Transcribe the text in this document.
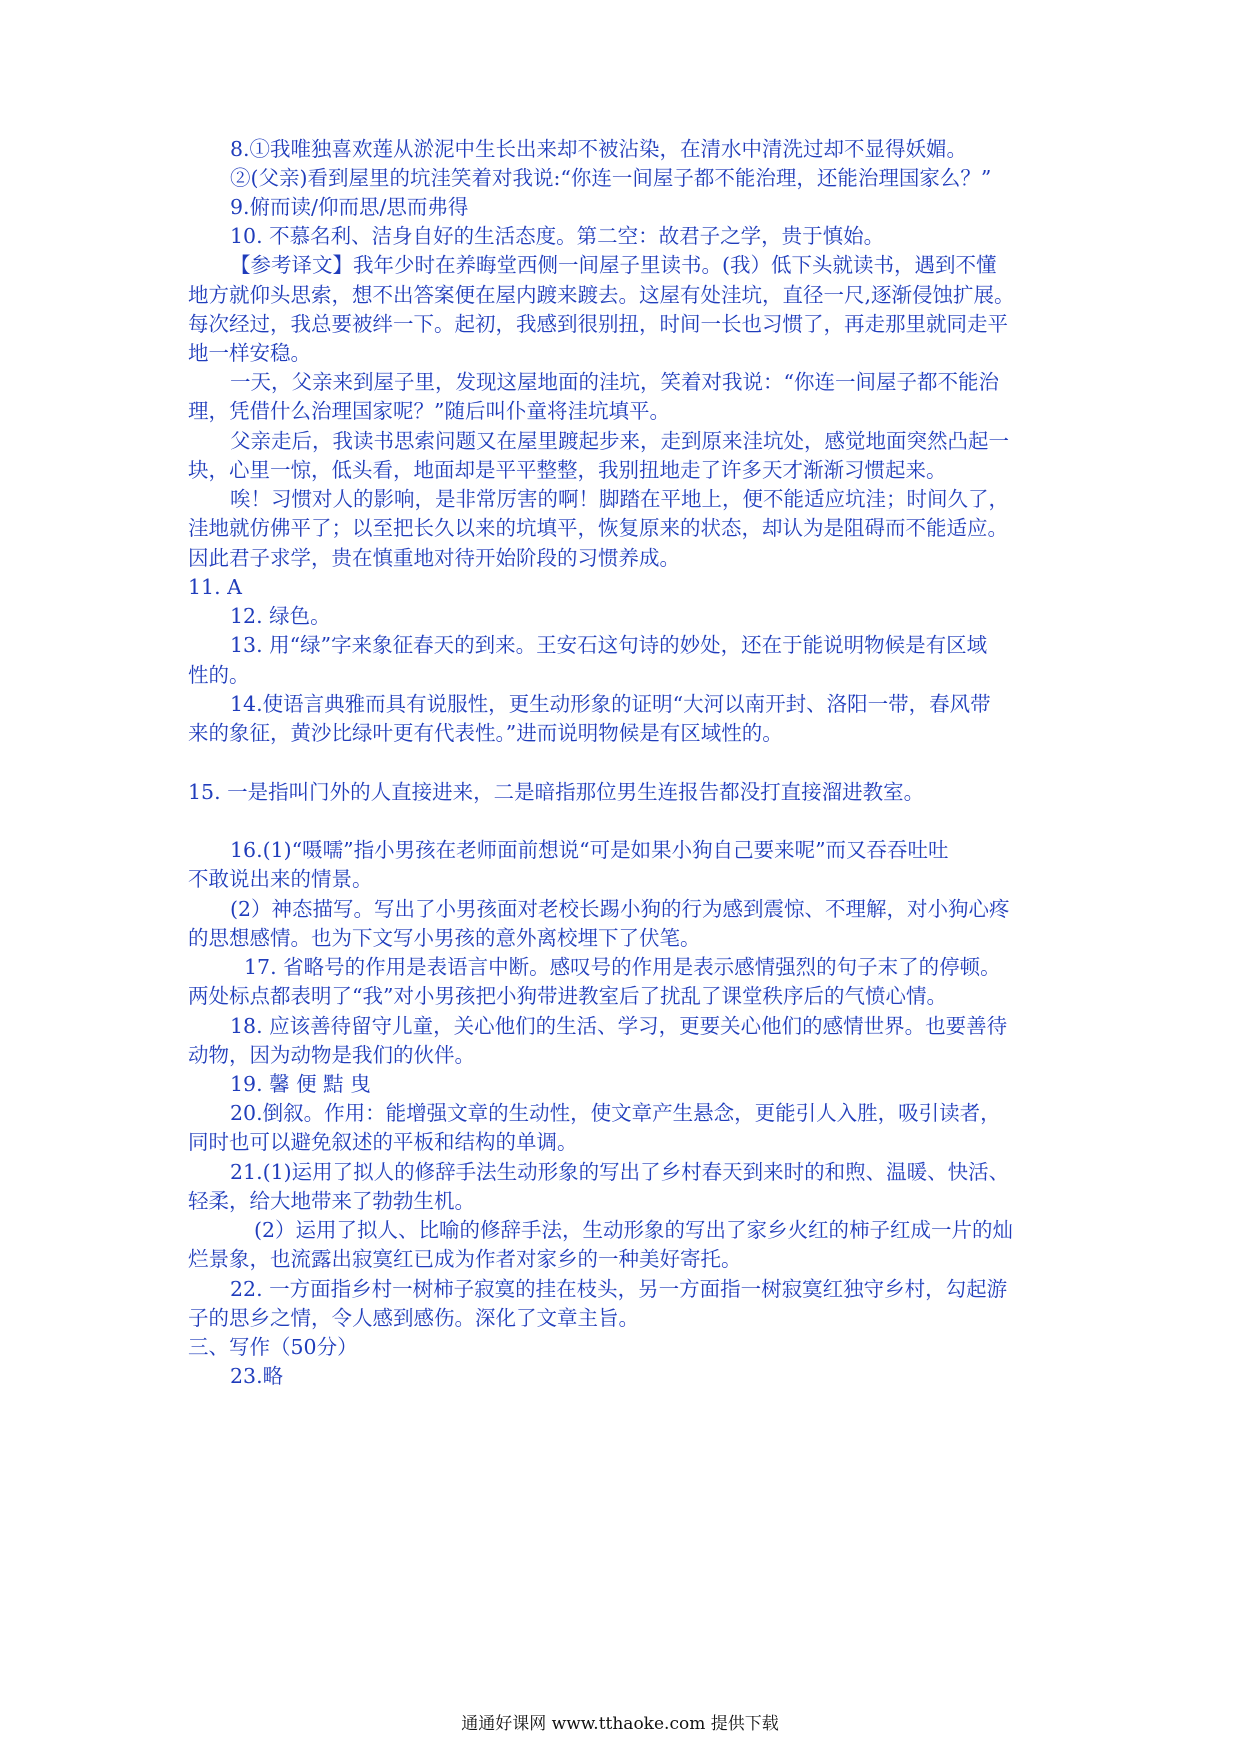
8.①我唯独喜欢莲从淤泥中生长出来却不被沾染，在清水中清洗过却不显得妖媚。

②(父亲)看到屋里的坑洼笑着对我说:“你连一间屋子都不能治理，还能治理国家么？”

9.俯而读/仰而思/思而弗得

10. 不慕名利、洁身自好的生活态度。第二空：故君子之学，贵于慎始。

【参考译文】我年少时在养晦堂西侧一间屋子里读书。(我）低下头就读书，遇到不懂

地方就仰头思索，想不出答案便在屋内踱来踱去。这屋有处洼坑，直径一尺,逐渐侵蚀扩展。

每次经过，我总要被绊一下。起初，我感到很别扭，时间一长也习惯了，再走那里就同走平

地一样安稳。

一天，父亲来到屋子里，发现这屋地面的洼坑，笑着对我说：“你连一间屋子都不能治

理，凭借什么治理国家呢？”随后叫仆童将洼坑填平。

父亲走后，我读书思索问题又在屋里踱起步来，走到原来洼坑处，感觉地面突然凸起一

块，心里一惊，低头看，地面却是平平整整，我别扭地走了许多天才渐渐习惯起来。

唉！习惯对人的影响，是非常厉害的啊！脚踏在平地上，便不能适应坑洼；时间久了，

洼地就仿佛平了；以至把长久以来的坑填平，恢复原来的状态，却认为是阻碍而不能适应。

因此君子求学，贵在慎重地对待开始阶段的习惯养成。

11. A

12. 绿色。

13. 用“绿”字来象征春天的到来。王安石这句诗的妙处，还在于能说明物候是有区域

性的。

14.使语言典雅而具有说服性，更生动形象的证明“大河以南开封、洛阳一带，春风带

来的象征，黄沙比绿叶更有代表性。”进而说明物候是有区域性的。

15. 一是指叫门外的人直接进来，二是暗指那位男生连报告都没打直接溜进教室。

16.(1)“嗫嚅”指小男孩在老师面前想说“可是如果小狗自己要来呢”而又吞吞吐吐

不敢说出来的情景。

(2）神态描写。写出了小男孩面对老校长踢小狗的行为感到震惊、不理解，对小狗心疼

的思想感情。也为下文写小男孩的意外离校埋下了伏笔。

17. 省略号的作用是表语言中断。感叹号的作用是表示感情强烈的句子末了的停顿。

两处标点都表明了“我”对小男孩把小狗带进教室后了扰乱了课堂秩序后的气愤心情。

18. 应该善待留守儿童，关心他们的生活、学习，更要关心他们的感情世界。也要善待

动物，因为动物是我们的伙伴。

19. 馨 便 黠 曳

20.倒叙。作用：能增强文章的生动性，使文章产生悬念，更能引人入胜，吸引读者，

同时也可以避免叙述的平板和结构的单调。

21.(1)运用了拟人的修辞手法生动形象的写出了乡村春天到来时的和煦、温暖、快活、

轻柔，给大地带来了勃勃生机。

(2）运用了拟人、比喻的修辞手法，生动形象的写出了家乡火红的柿子红成一片的灿

烂景象，也流露出寂寞红已成为作者对家乡的一种美好寄托。

22. 一方面指乡村一树柿子寂寞的挂在枝头，另一方面指一树寂寞红独守乡村，勾起游

子的思乡之情，令人感到感伤。深化了文章主旨。

三、写作（50分）

23.略

通通好课网 www.tthaoke.com 提供下载
